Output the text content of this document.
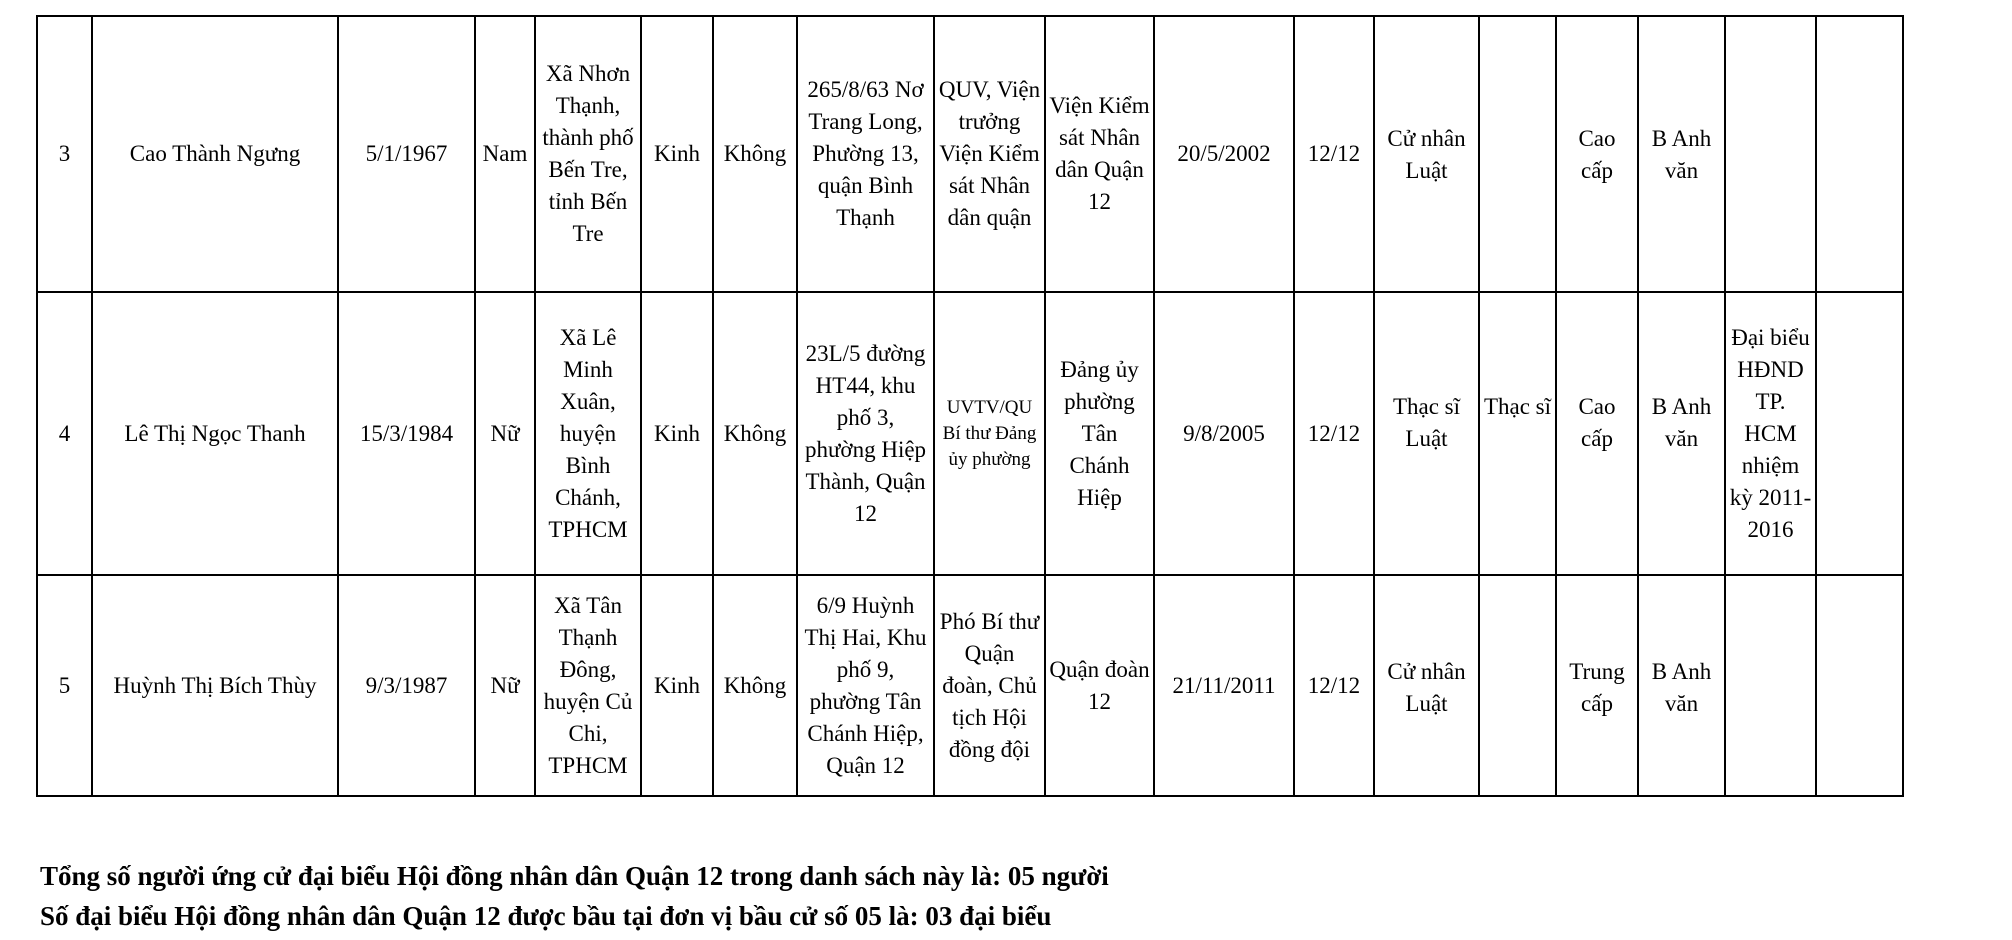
3	Cao Thành Ngưng	5/1/1967	Nam	Xã Nhơn Thạnh, thành phố Bến Tre, tỉnh Bến Tre	Kinh	Không	265/8/63 Nơ Trang Long, Phường 13, quận Bình Thạnh	QUV, Viện trưởng Viện Kiểm sát Nhân dân quận	Viện Kiểm sát Nhân dân Quận 12	20/5/2002	12/12	Cử nhân Luật		Cao cấp	B Anh văn		
4	Lê Thị Ngọc Thanh	15/3/1984	Nữ	Xã Lê Minh Xuân, huyện Bình Chánh, TPHCM	Kinh	Không	23L/5 đường HT44, khu phố 3, phường Hiệp Thành, Quận 12	UVTV/QU Bí thư Đảng ủy phường	Đảng ủy phường Tân Chánh Hiệp	9/8/2005	12/12	Thạc sĩ Luật	Thạc sĩ	Cao cấp	B Anh văn	Đại biểu HĐND TP. HCM nhiệm kỳ 2011-2016	
5	Huỳnh Thị Bích Thùy	9/3/1987	Nữ	Xã Tân Thạnh Đông, huyện Củ Chi, TPHCM	Kinh	Không	6/9 Huỳnh Thị Hai, Khu phố 9, phường Tân Chánh Hiệp, Quận 12	Phó Bí thư Quận đoàn, Chủ tịch Hội đồng đội	Quận đoàn 12	21/11/2011	12/12	Cử nhân Luật		Trung cấp	B Anh văn		
Tổng số người ứng cử đại biểu Hội đồng nhân dân Quận 12 trong danh sách này là: 05 người
Số đại biểu Hội đồng nhân dân Quận 12 được bầu tại đơn vị bầu cử số 05 là: 03 đại biểu
